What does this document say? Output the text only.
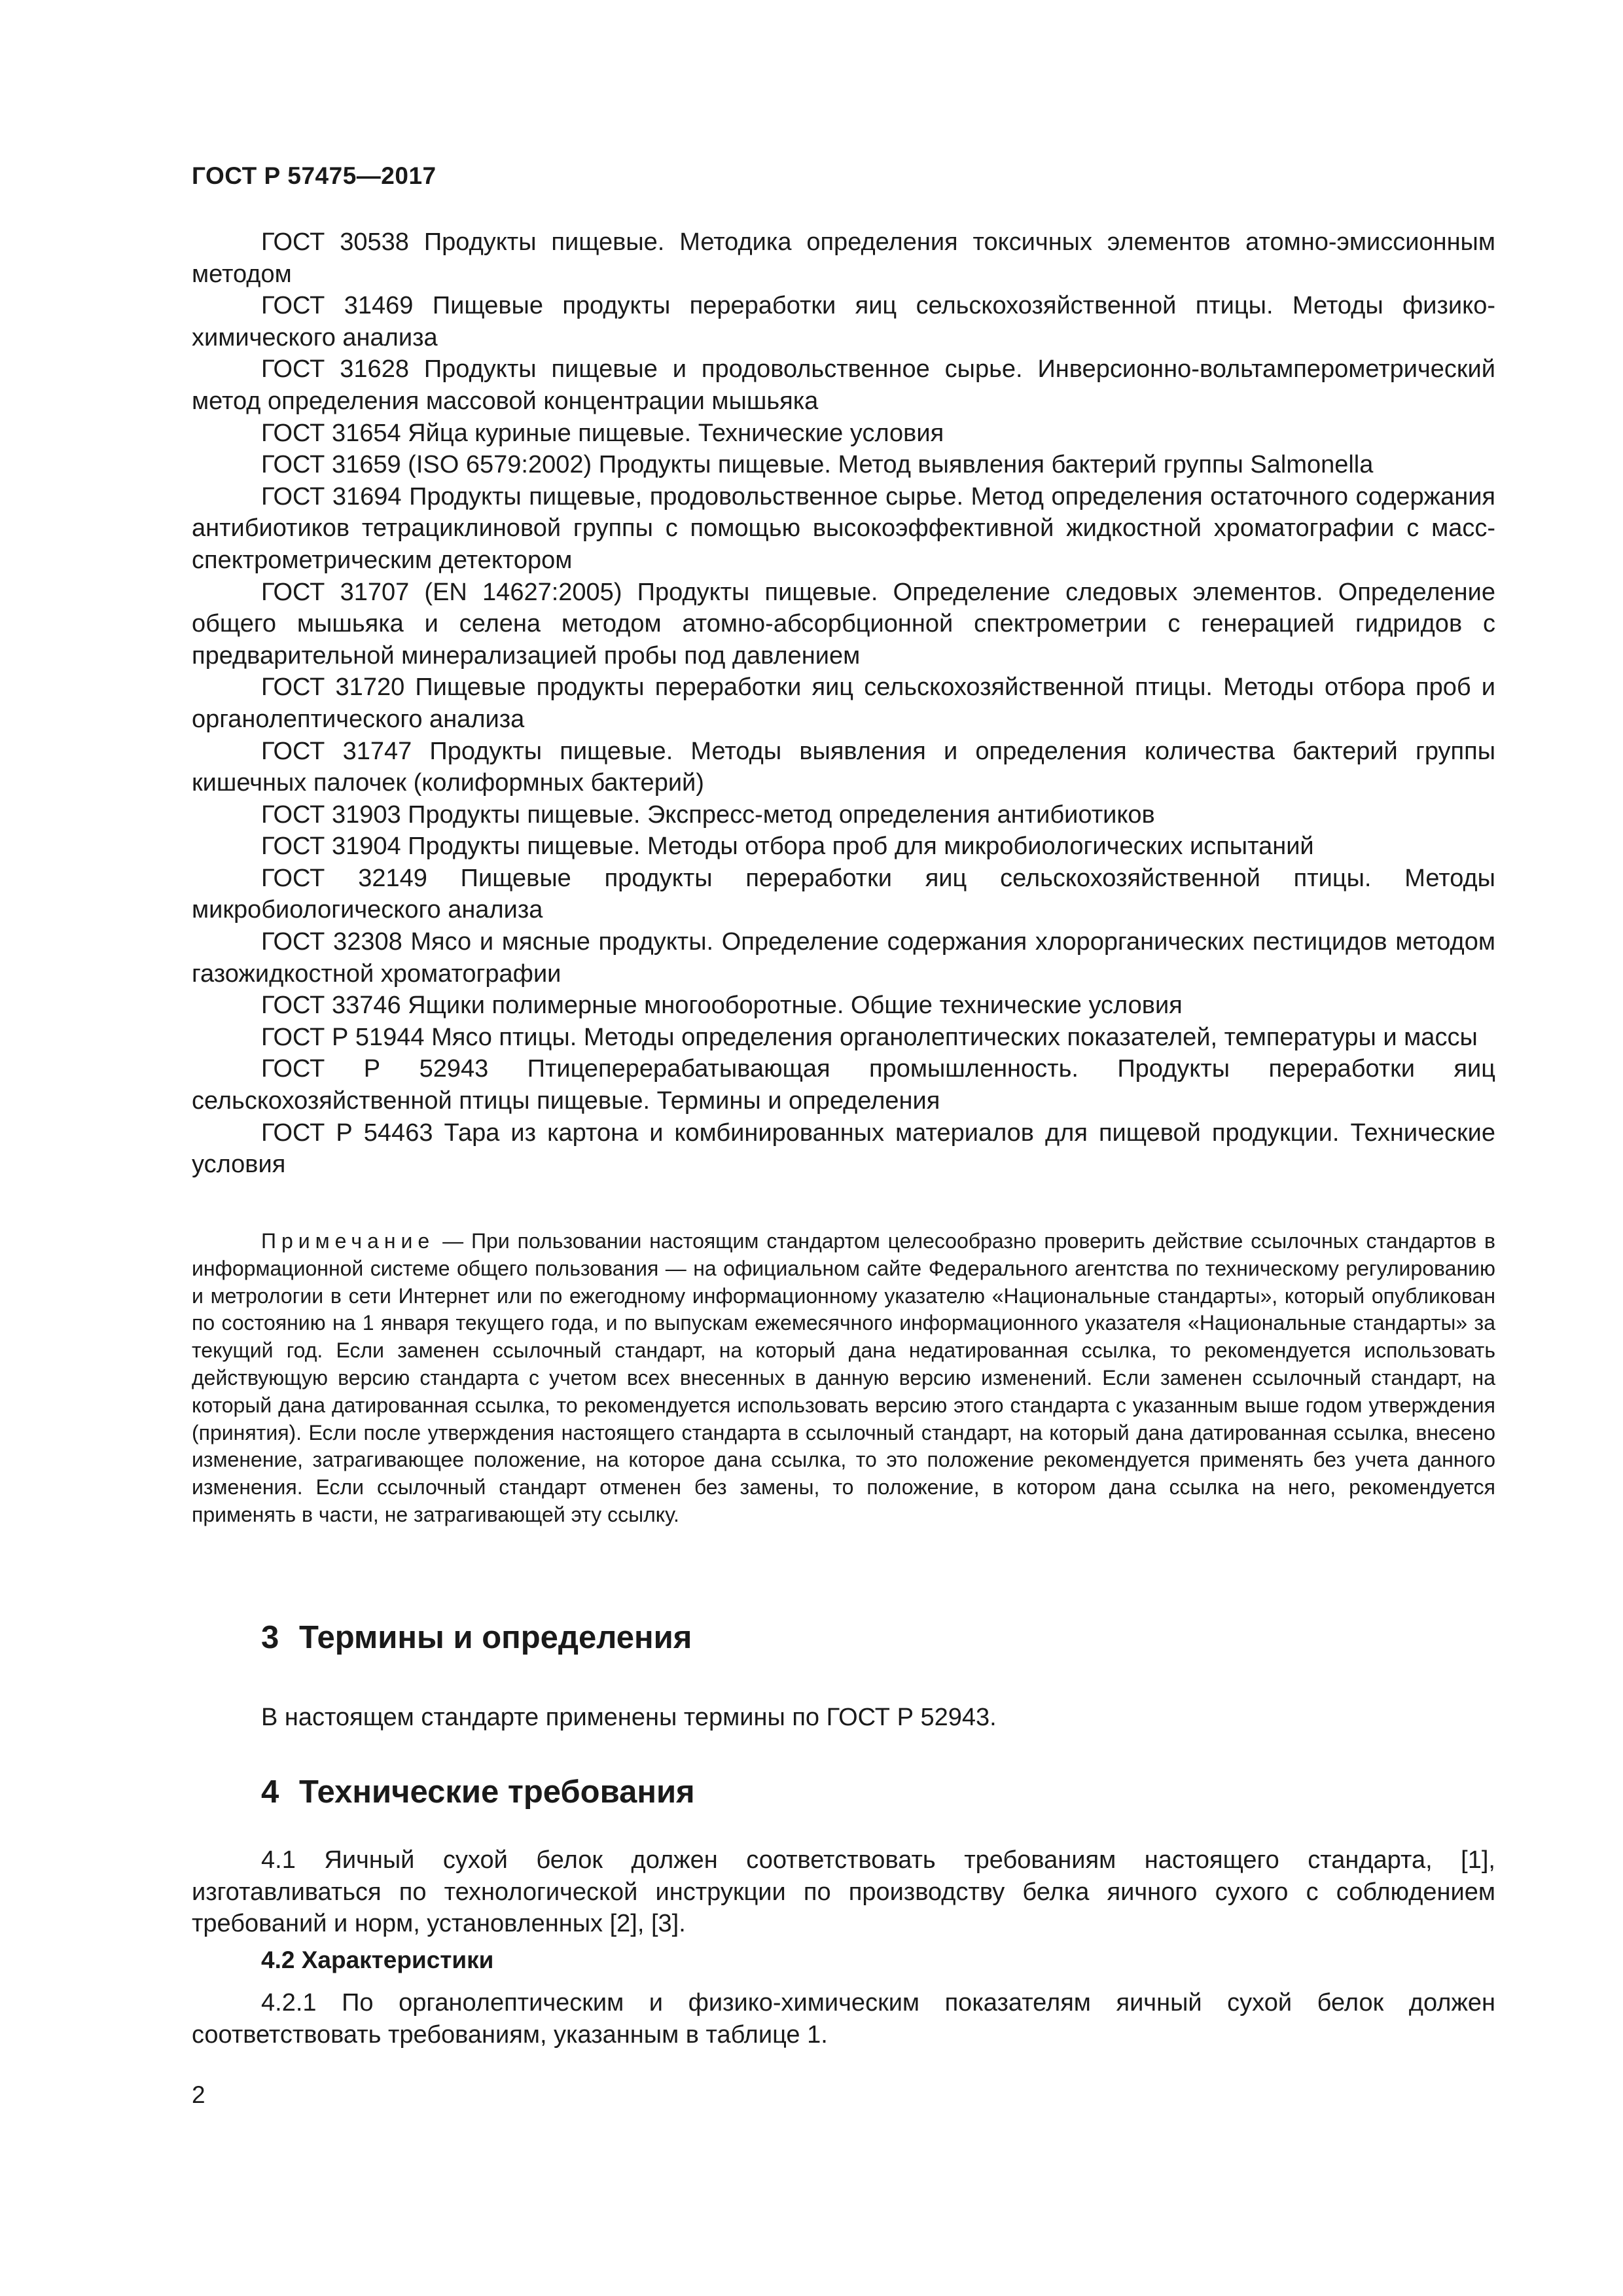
ГОСТ Р 57475—2017

ГОСТ 30538 Продукты пищевые. Методика определения токсичных элементов атомно-эмиссионным методом

ГОСТ 31469 Пищевые продукты переработки яиц сельскохозяйственной птицы. Методы физико-химического анализа

ГОСТ 31628 Продукты пищевые и продовольственное сырье. Инверсионно-вольтамперометрический метод определения массовой концентрации мышьяка

ГОСТ 31654 Яйца куриные пищевые. Технические условия

ГОСТ 31659 (ISO 6579:2002) Продукты пищевые. Метод выявления бактерий группы Salmonella

ГОСТ 31694 Продукты пищевые, продовольственное сырье. Метод определения остаточного содержания антибиотиков тетрациклиновой группы с помощью высокоэффективной жидкостной хроматографии с масс-спектрометрическим детектором

ГОСТ 31707 (EN 14627:2005) Продукты пищевые. Определение следовых элементов. Определение общего мышьяка и селена методом атомно-абсорбционной спектрометрии с генерацией гидридов с предварительной минерализацией пробы под давлением

ГОСТ 31720 Пищевые продукты переработки яиц сельскохозяйственной птицы. Методы отбора проб и органолептического анализа

ГОСТ 31747 Продукты пищевые. Методы выявления и определения количества бактерий группы кишечных палочек (колиформных бактерий)

ГОСТ 31903 Продукты пищевые. Экспресс-метод определения антибиотиков

ГОСТ 31904 Продукты пищевые. Методы отбора проб для микробиологических испытаний

ГОСТ 32149 Пищевые продукты переработки яиц сельскохозяйственной птицы. Методы микробиологического анализа

ГОСТ 32308 Мясо и мясные продукты. Определение содержания хлорорганических пестицидов методом газожидкостной хроматографии

ГОСТ 33746 Ящики полимерные многооборотные. Общие технические условия

ГОСТ Р 51944 Мясо птицы. Методы определения органолептических показателей, температуры и массы

ГОСТ Р 52943 Птицеперерабатывающая промышленность. Продукты переработки яиц сельскохозяйственной птицы пищевые. Термины и определения

ГОСТ Р 54463 Тара из картона и комбинированных материалов для пищевой продукции. Технические условия

Примечание — При пользовании настоящим стандартом целесообразно проверить действие ссылочных стандартов в информационной системе общего пользования — на официальном сайте Федерального агентства по техническому регулированию и метрологии в сети Интернет или по ежегодному информационному указателю «Национальные стандарты», который опубликован по состоянию на 1 января текущего года, и по выпускам ежемесячного информационного указателя «Национальные стандарты» за текущий год. Если заменен ссылочный стандарт, на который дана недатированная ссылка, то рекомендуется использовать действующую версию стандарта с учетом всех внесенных в данную версию изменений. Если заменен ссылочный стандарт, на который дана датированная ссылка, то рекомендуется использовать версию этого стандарта с указанным выше годом утверждения (принятия). Если после утверждения настоящего стандарта в ссылочный стандарт, на который дана датированная ссылка, внесено изменение, затрагивающее положение, на которое дана ссылка, то это положение рекомендуется применять без учета данного изменения. Если ссылочный стандарт отменен без замены, то положение, в котором дана ссылка на него, рекомендуется применять в части, не затрагивающей эту ссылку.

3 Термины и определения

В настоящем стандарте применены термины по ГОСТ Р 52943.

4 Технические требования

4.1 Яичный сухой белок должен соответствовать требованиям настоящего стандарта, [1], изготавливаться по технологической инструкции по производству белка яичного сухого с соблюдением требований и норм, установленных [2], [3].

4.2 Характеристики

4.2.1 По органолептическим и физико-химическим показателям яичный сухой белок должен соответствовать требованиям, указанным в таблице 1.

2
